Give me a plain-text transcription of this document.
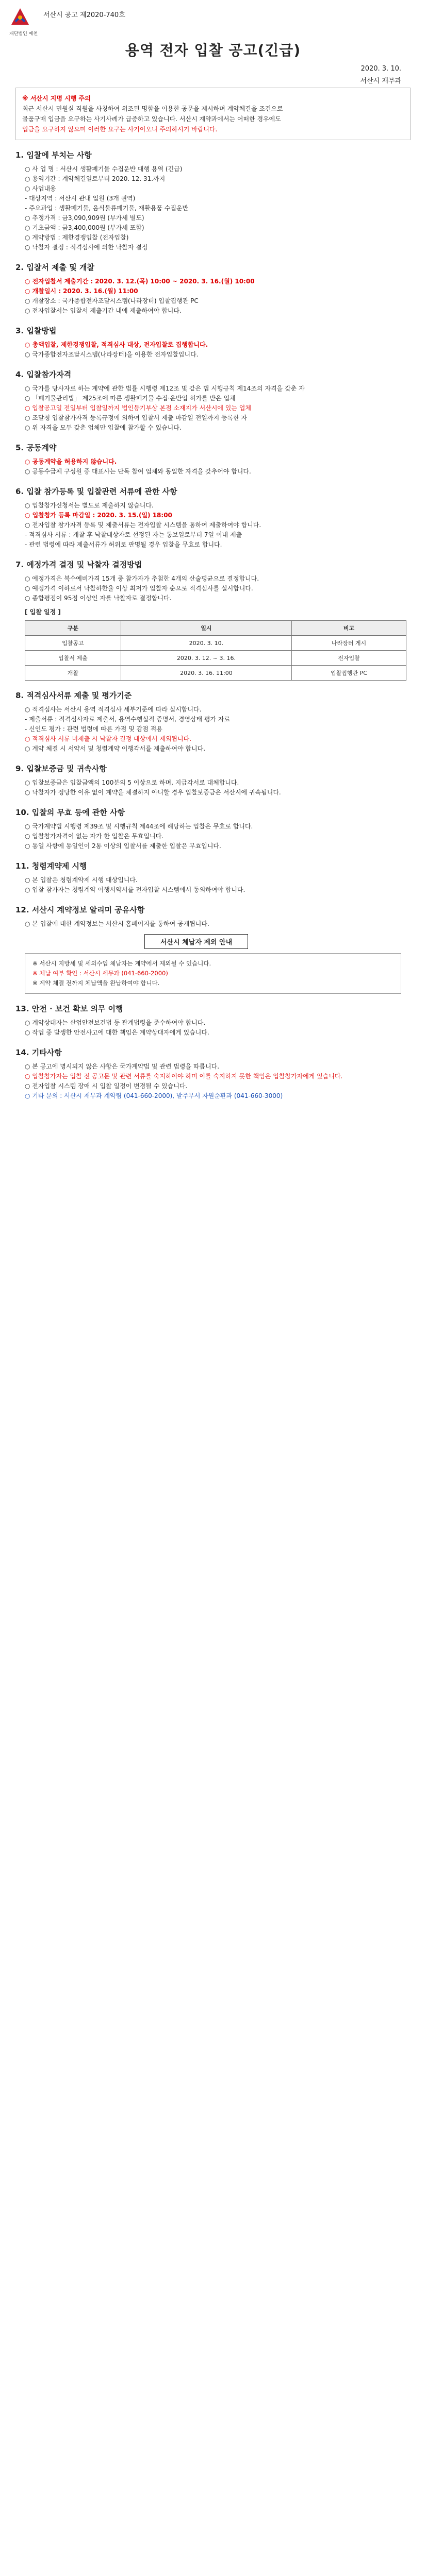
재단법인 예천
서산시 공고 제2020-740호
용역 전자 입찰 공고(긴급)
2020. 3. 10.
서산시 재무과
※ 서산시 지명 시행 주의
최근 서산시 민원실 직원을 사칭하여 위조된 명함을 이용한 공문을 제시하며 계약체결을 조건으로
물품구매 입금을 요구하는 사기사례가 급증하고 있습니다. 서산시 계약과에서는 어떠한 경우에도
입금을 요구하지 않으며 이러한 요구는 사기이오니 주의하시기 바랍니다.
1. 입찰에 부치는 사항
○ 사 업 명 : 서산시 생활폐기물 수집운반 대행 용역 (긴급)
○ 용역기간 : 계약체결일로부터 2020. 12. 31.까지
○ 사업내용
- 대상지역 : 서산시 관내 일원 (3개 권역)
- 주요과업 : 생활폐기물, 음식물류폐기물, 재활용품 수집운반
○ 추정가격 : 금3,090,909원 (부가세 별도)
○ 기초금액 : 금3,400,000원 (부가세 포함)
○ 계약방법 : 제한경쟁입찰 (전자입찰)
○ 낙찰자 결정 : 적격심사에 의한 낙찰자 결정
2. 입찰서 제출 및 개찰
○ 전자입찰서 제출기간 : 2020. 3. 12.(목) 10:00 ~ 2020. 3. 16.(월) 10:00
○ 개찰일시 : 2020. 3. 16.(월) 11:00
○ 개찰장소 : 국가종합전자조달시스템(나라장터) 입찰집행관 PC
○ 전자입찰서는 입찰서 제출기간 내에 제출하여야 합니다.
3. 입찰방법
○ 총액입찰, 제한경쟁입찰, 적격심사 대상, 전자입찰로 집행합니다.
○ 국가종합전자조달시스템(나라장터)을 이용한 전자입찰입니다.
4. 입찰참가자격
○ 국가를 당사자로 하는 계약에 관한 법률 시행령 제12조 및 같은 법 시행규칙 제14조의 자격을 갖춘 자
○ 「폐기물관리법」 제25조에 따른 생활폐기물 수집·운반업 허가를 받은 업체
○ 입찰공고일 전일부터 입찰일까지 법인등기부상 본점 소재지가 서산시에 있는 업체
○ 조달청 입찰참가자격 등록규정에 의하여 입찰서 제출 마감일 전일까지 등록한 자
○ 위 자격을 모두 갖춘 업체만 입찰에 참가할 수 있습니다.
5. 공동계약
○ 공동계약을 허용하지 않습니다.
○ 공동수급체 구성원 중 대표사는 단독 참여 업체와 동일한 자격을 갖추어야 합니다.
6. 입찰 참가등록 및 입찰관련 서류에 관한 사항
○ 입찰참가신청서는 별도로 제출하지 않습니다.
○ 입찰참가 등록 마감일 : 2020. 3. 15.(일) 18:00
○ 전자입찰 참가자격 등록 및 제출서류는 전자입찰 시스템을 통하여 제출하여야 합니다.
- 적격심사 서류 : 개찰 후 낙찰대상자로 선정된 자는 통보일로부터 7일 이내 제출
- 관련 법령에 따라 제출서류가 허위로 판명될 경우 입찰을 무효로 합니다.
7. 예정가격 결정 및 낙찰자 결정방법
○ 예정가격은 복수예비가격 15개 중 참가자가 추첨한 4개의 산술평균으로 결정합니다.
○ 예정가격 이하로서 낙찰하한율 이상 최저가 입찰자 순으로 적격심사를 실시합니다.
○ 종합평점이 95점 이상인 자를 낙찰자로 결정합니다.
[ 입찰 일정 ]
구분	일시	비고
입찰공고	2020. 3. 10.	나라장터 게시
입찰서 제출	2020. 3. 12. ~ 3. 16.	전자입찰
개찰	2020. 3. 16. 11:00	입찰집행관 PC
8. 적격심사서류 제출 및 평가기준
○ 적격심사는 서산시 용역 적격심사 세부기준에 따라 실시합니다.
- 제출서류 : 적격심사자료 제출서, 용역수행실적 증명서, 경영상태 평가 자료
- 신인도 평가 : 관련 법령에 따른 가점 및 감점 적용
○ 적격심사 서류 미제출 시 낙찰자 결정 대상에서 제외됩니다.
○ 계약 체결 시 서약서 및 청렴계약 이행각서를 제출하여야 합니다.
9. 입찰보증금 및 귀속사항
○ 입찰보증금은 입찰금액의 100분의 5 이상으로 하며, 지급각서로 대체합니다.
○ 낙찰자가 정당한 이유 없이 계약을 체결하지 아니할 경우 입찰보증금은 서산시에 귀속됩니다.
10. 입찰의 무효 등에 관한 사항
○ 국가계약법 시행령 제39조 및 시행규칙 제44조에 해당하는 입찰은 무효로 합니다.
○ 입찰참가자격이 없는 자가 한 입찰은 무효입니다.
○ 동일 사항에 동일인이 2통 이상의 입찰서를 제출한 입찰은 무효입니다.
11. 청렴계약제 시행
○ 본 입찰은 청렴계약제 시행 대상입니다.
○ 입찰 참가자는 청렴계약 이행서약서를 전자입찰 시스템에서 동의하여야 합니다.
12. 서산시 계약정보 알리미 공유사항
○ 본 입찰에 대한 계약정보는 서산시 홈페이지를 통하여 공개됩니다.
서산시 체납자 제외 안내
※ 서산시 지방세 및 세외수입 체납자는 계약에서 제외될 수 있습니다.
※ 체납 여부 확인 : 서산시 세무과 (041-660-2000)
※ 계약 체결 전까지 체납액을 완납하여야 합니다.
13. 안전 · 보건 확보 의무 이행
○ 계약상대자는 산업안전보건법 등 관계법령을 준수하여야 합니다.
○ 작업 중 발생한 안전사고에 대한 책임은 계약상대자에게 있습니다.
14. 기타사항
○ 본 공고에 명시되지 않은 사항은 국가계약법 및 관련 법령을 따릅니다.
○ 입찰참가자는 입찰 전 공고문 및 관련 서류를 숙지하여야 하며 이를 숙지하지 못한 책임은 입찰참가자에게 있습니다.
○ 전자입찰 시스템 장애 시 입찰 일정이 변경될 수 있습니다.
○ 기타 문의 : 서산시 재무과 계약팀 (041-660-2000), 발주부서 자원순환과 (041-660-3000)
